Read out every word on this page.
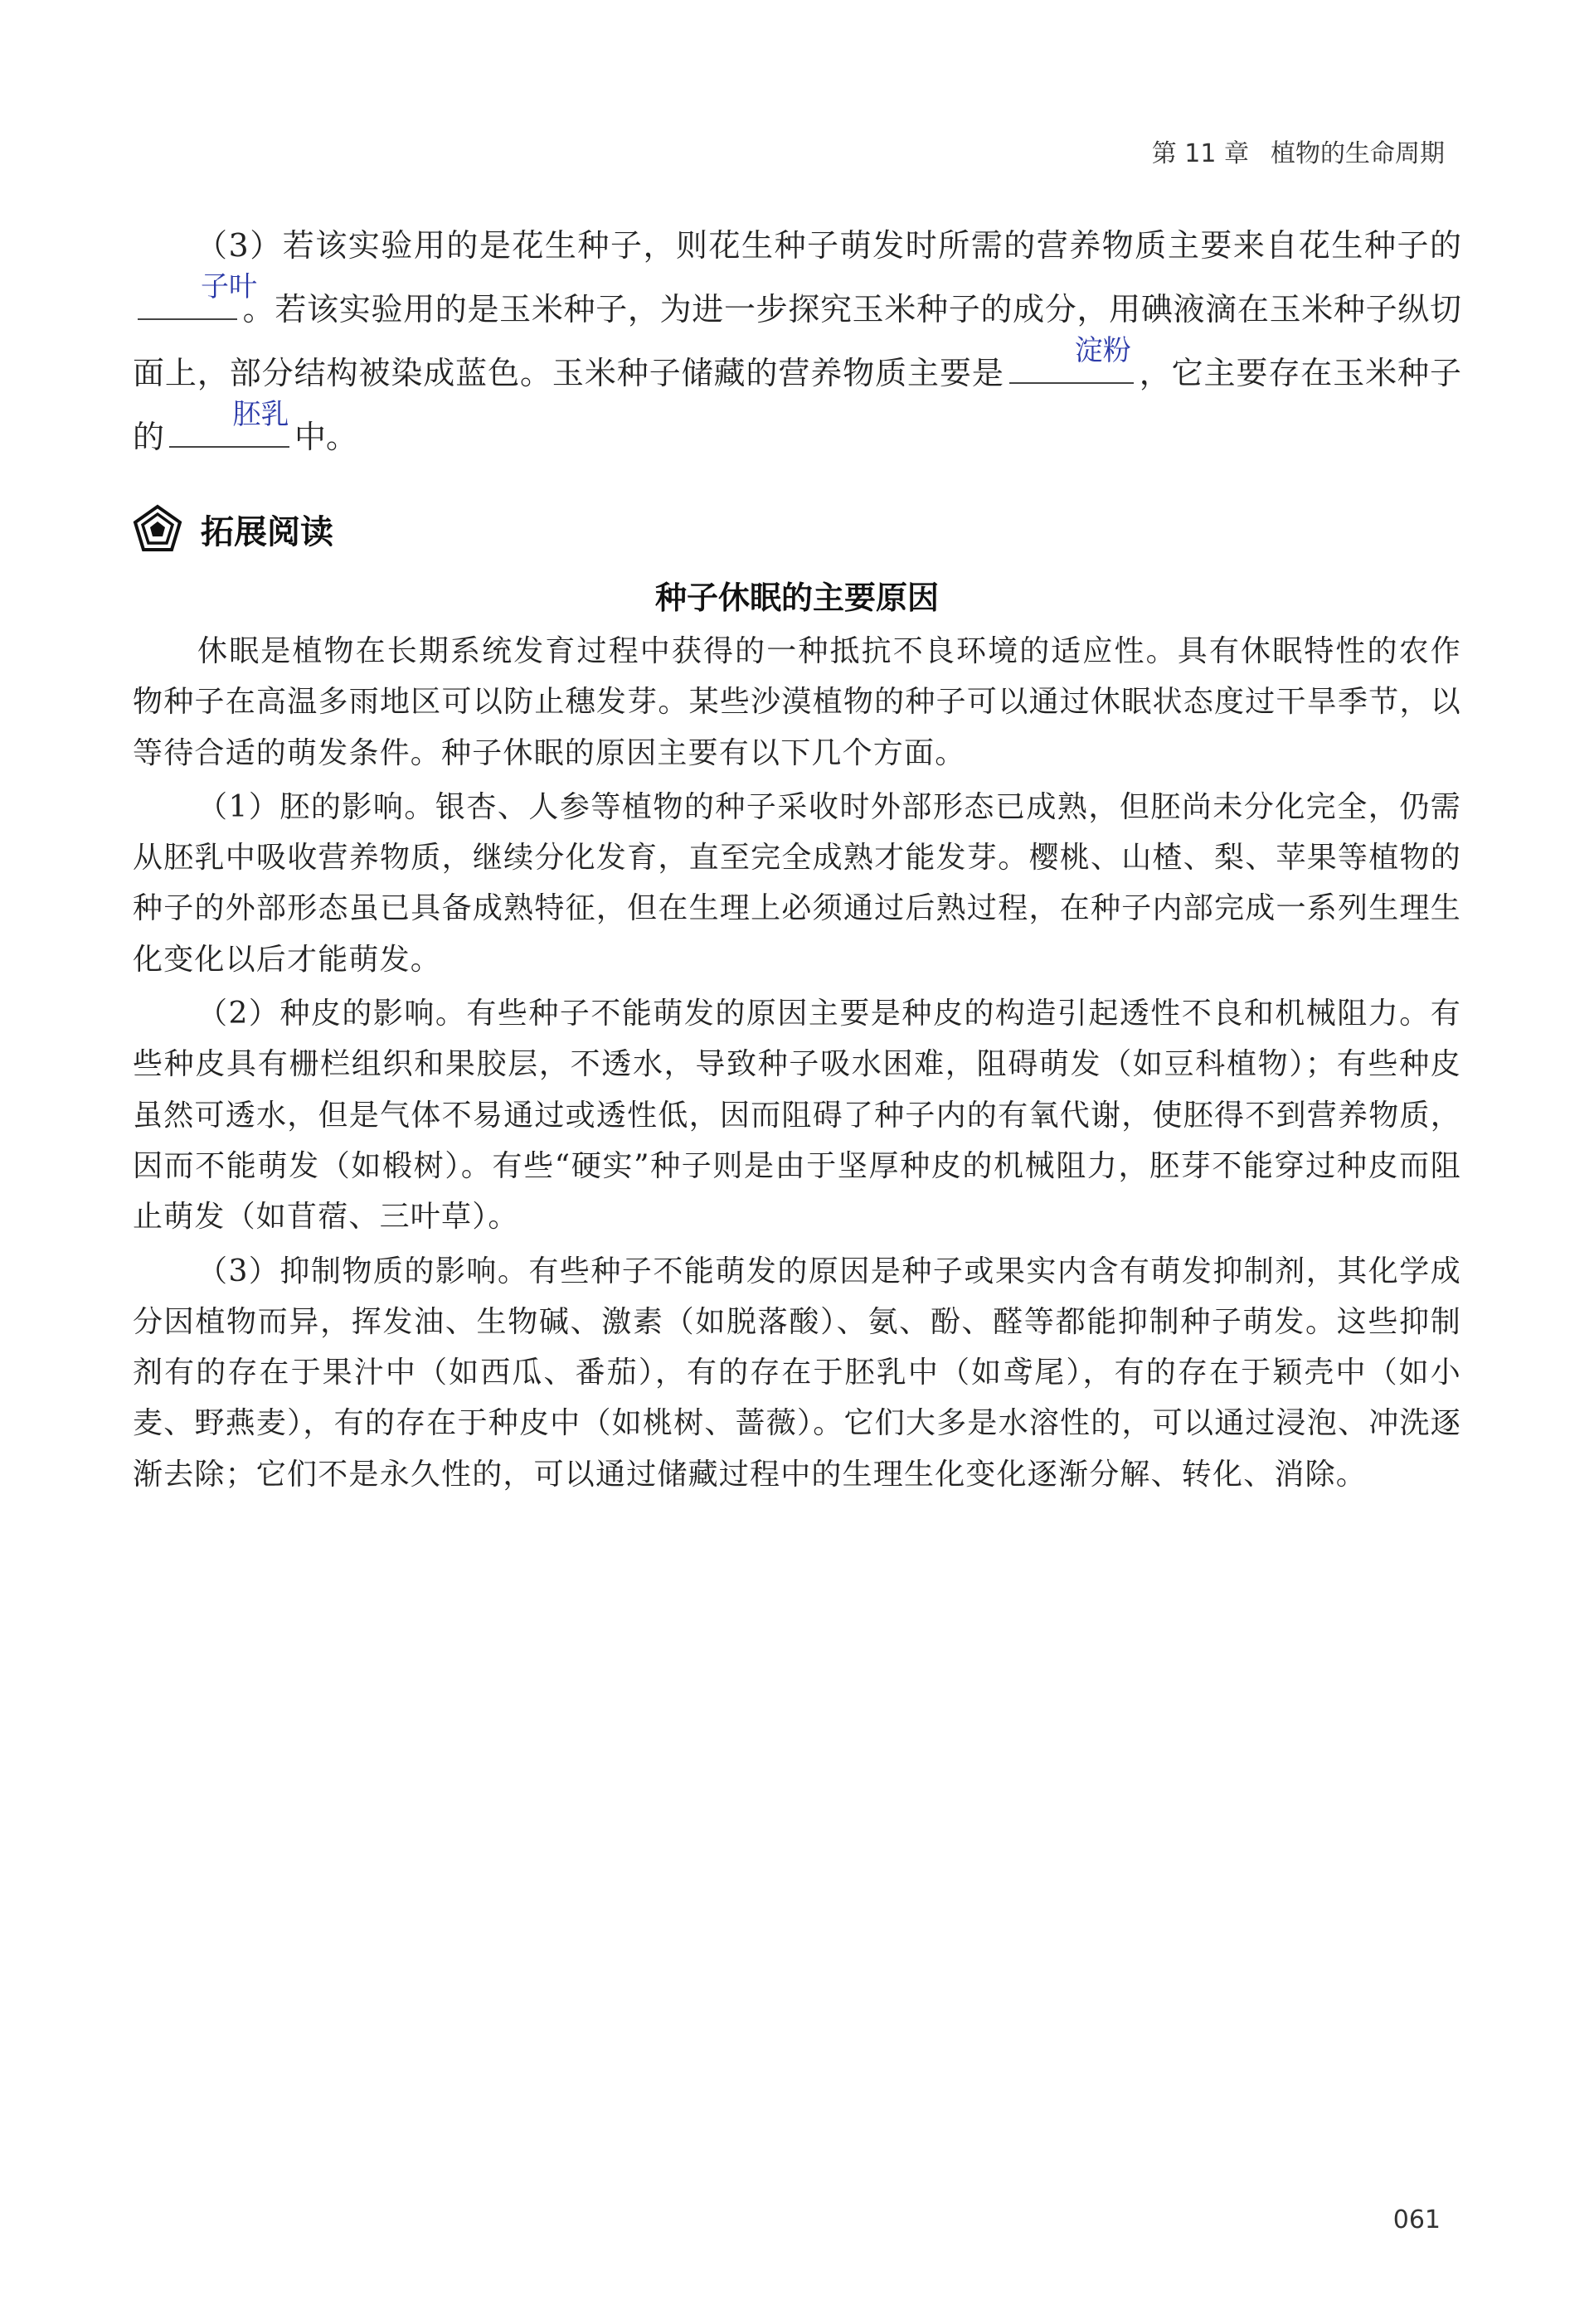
第 11 章 植物的生命周期

（3）若该实验用的是花生种子，则花生种子萌发时所需的营养物质主要来自花生种子的
子叶
。若该实验用的是玉米种子，为进一步探究玉米种子的成分，用碘液滴在玉米种子纵切面上，部分结构被染成蓝色。玉米种子储藏的营养物质主要是
淀粉
，它主要存在玉米种子的
胚乳
中。

拓展阅读
种子休眠的主要原因

休眠是植物在长期系统发育过程中获得的一种抵抗不良环境的适应性。具有休眠特性的农作物种子在高温多雨地区可以防止穗发芽。某些沙漠植物的种子可以通过休眠状态度过干旱季节，以等待合适的萌发条件。种子休眠的原因主要有以下几个方面。

（1）胚的影响。银杏、人参等植物的种子采收时外部形态已成熟，但胚尚未分化完全，仍需从胚乳中吸收营养物质，继续分化发育，直至完全成熟才能发芽。樱桃、山楂、梨、苹果等植物的种子的外部形态虽已具备成熟特征，但在生理上必须通过后熟过程，在种子内部完成一系列生理生化变化以后才能萌发。

（2）种皮的影响。有些种子不能萌发的原因主要是种皮的构造引起透性不良和机械阻力。有些种皮具有栅栏组织和果胶层，不透水，导致种子吸水困难，阻碍萌发（如豆科植物）；有些种皮虽然可透水，但是气体不易通过或透性低，因而阻碍了种子内的有氧代谢，使胚得不到营养物质，因而不能萌发（如椴树）。有些“硬实”种子则是由于坚厚种皮的机械阻力，胚芽不能穿过种皮而阻止萌发（如苜蓿、三叶草）。

（3）抑制物质的影响。有些种子不能萌发的原因是种子或果实内含有萌发抑制剂，其化学成分因植物而异，挥发油、生物碱、激素（如脱落酸）、氨、酚、醛等都能抑制种子萌发。这些抑制剂有的存在于果汁中（如西瓜、番茄），有的存在于胚乳中（如鸢尾），有的存在于颖壳中（如小麦、野燕麦），有的存在于种皮中（如桃树、蔷薇）。它们大多是水溶性的，可以通过浸泡、冲洗逐渐去除；它们不是永久性的，可以通过储藏过程中的生理生化变化逐渐分解、转化、消除。

061
